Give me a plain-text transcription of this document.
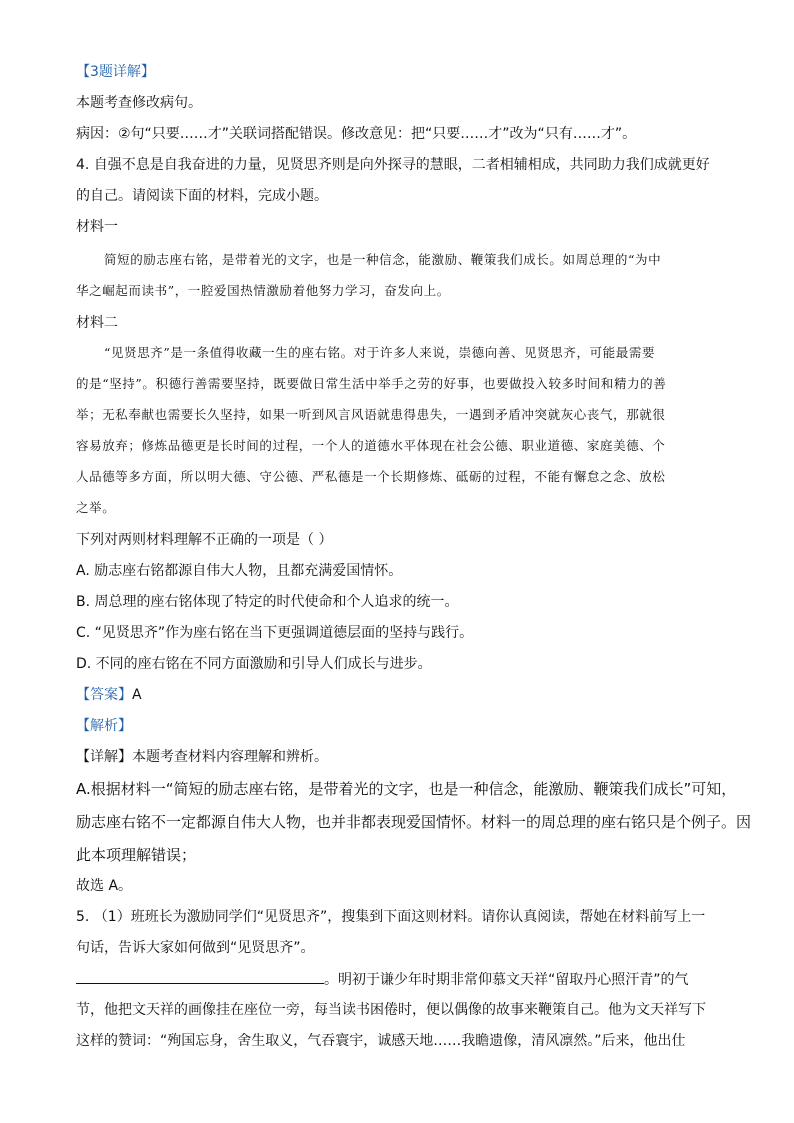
【3题详解】
本题考查修改病句。
病因：②句“只要……才”关联词搭配错误。修改意见：把“只要……才”改为“只有……才”。
4. 自强不息是自我奋进的力量，见贤思齐则是向外探寻的慧眼，二者相辅相成，共同助力我们成就更好
的自己。请阅读下面的材料，完成小题。
材料一
简短的励志座右铭，是带着光的文字，也是一种信念，能激励、鞭策我们成长。如周总理的“为中
华之崛起而读书”，一腔爱国热情激励着他努力学习，奋发向上。
材料二
“见贤思齐”是一条值得收藏一生的座右铭。对于许多人来说，崇德向善、见贤思齐，可能最需要
的是“坚持”。积德行善需要坚持，既要做日常生活中举手之劳的好事，也要做投入较多时间和精力的善
举；无私奉献也需要长久坚持，如果一听到风言风语就患得患失，一遇到矛盾冲突就灰心丧气，那就很
容易放弃；修炼品德更是长时间的过程，一个人的道德水平体现在社会公德、职业道德、家庭美德、个
人品德等多方面，所以明大德、守公德、严私德是一个长期修炼、砥砺的过程，不能有懈怠之念、放松
之举。
下列对两则材料理解不正确的一项是（ ）
A. 励志座右铭都源自伟大人物，且都充满爱国情怀。
B. 周总理的座右铭体现了特定的时代使命和个人追求的统一。
C. “见贤思齐”作为座右铭在当下更强调道德层面的坚持与践行。
D. 不同的座右铭在不同方面激励和引导人们成长与进步。
【答案】A
【解析】
【详解】本题考查材料内容理解和辨析。
A.根据材料一“简短的励志座右铭，是带着光的文字，也是一种信念，能激励、鞭策我们成长”可知，
励志座右铭不一定都源自伟大人物，也并非都表现爱国情怀。材料一的周总理的座右铭只是个例子。因
此本项理解错误；
故选 A。
5. （1）班班长为激励同学们“见贤思齐”，搜集到下面这则材料。请你认真阅读，帮她在材料前写上一
句话，告诉大家如何做到“见贤思齐”。
。明初于谦少年时期非常仰慕文天祥“留取丹心照汗青”的气
节，他把文天祥的画像挂在座位一旁，每当读书困倦时，便以偶像的故事来鞭策自己。他为文天祥写下
这样的赞词：“殉国忘身，舍生取义，气吞寰宇，诚感天地……我瞻遗像，清风凛然。”后来，他出仕
